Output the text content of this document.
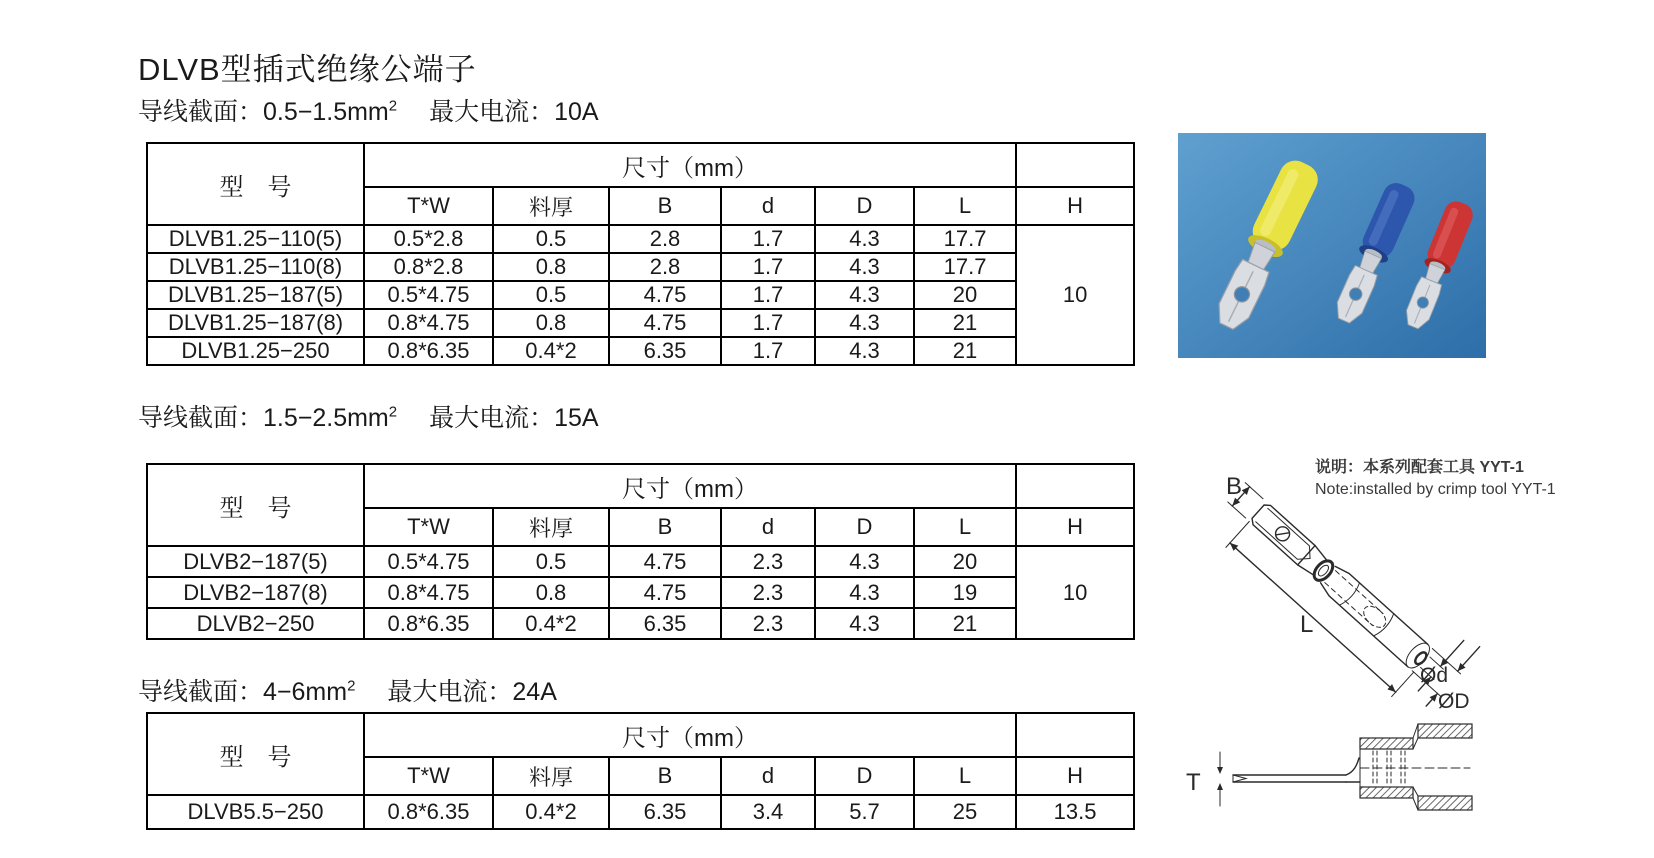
DLVB型插式绝缘公端子
导线截面：$0.5-1.5mm^2$ 最大电流：10A
型　号	尺寸（mm）						
	T*W	料厚	B	d	D	L	H
DLVB1.25−110(5)	0.5*2.8	0.5	2.8	1.7	4.3	17.7	10
DLVB1.25−110(8)	0.8*2.8	0.8	2.8	1.7	4.3	17.7	
DLVB1.25−187(5)	0.5*4.75	0.5	4.75	1.7	4.3	20	
DLVB1.25−187(8)	0.8*4.75	0.8	4.75	1.7	4.3	21	
DLVB1.25−250	0.8*6.35	0.4*2	6.35	1.7	4.3	21	
导线截面：$1.5-2.5mm^2$ 最大电流：15A
型　号	尺寸（mm）						
	T*W	料厚	B	d	D	L	H
DLVB2−187(5)	0.5*4.75	0.5	4.75	2.3	4.3	20	10
DLVB2−187(8)	0.8*4.75	0.8	4.75	2.3	4.3	19	
DLVB2−250	0.8*6.35	0.4*2	6.35	2.3	4.3	21	
导线截面：$4-6mm^2$ 最大电流：24A
型　号	尺寸（mm）						
	T*W	料厚	B	d	D	L	H
DLVB5.5−250	0.8*6.35	0.4*2	6.35	3.4	5.7	25	13.5
说明：本系列配套工具 YYT-1
Note:installed by crimp tool YYT-1
B
L
Ød
ØD
T
